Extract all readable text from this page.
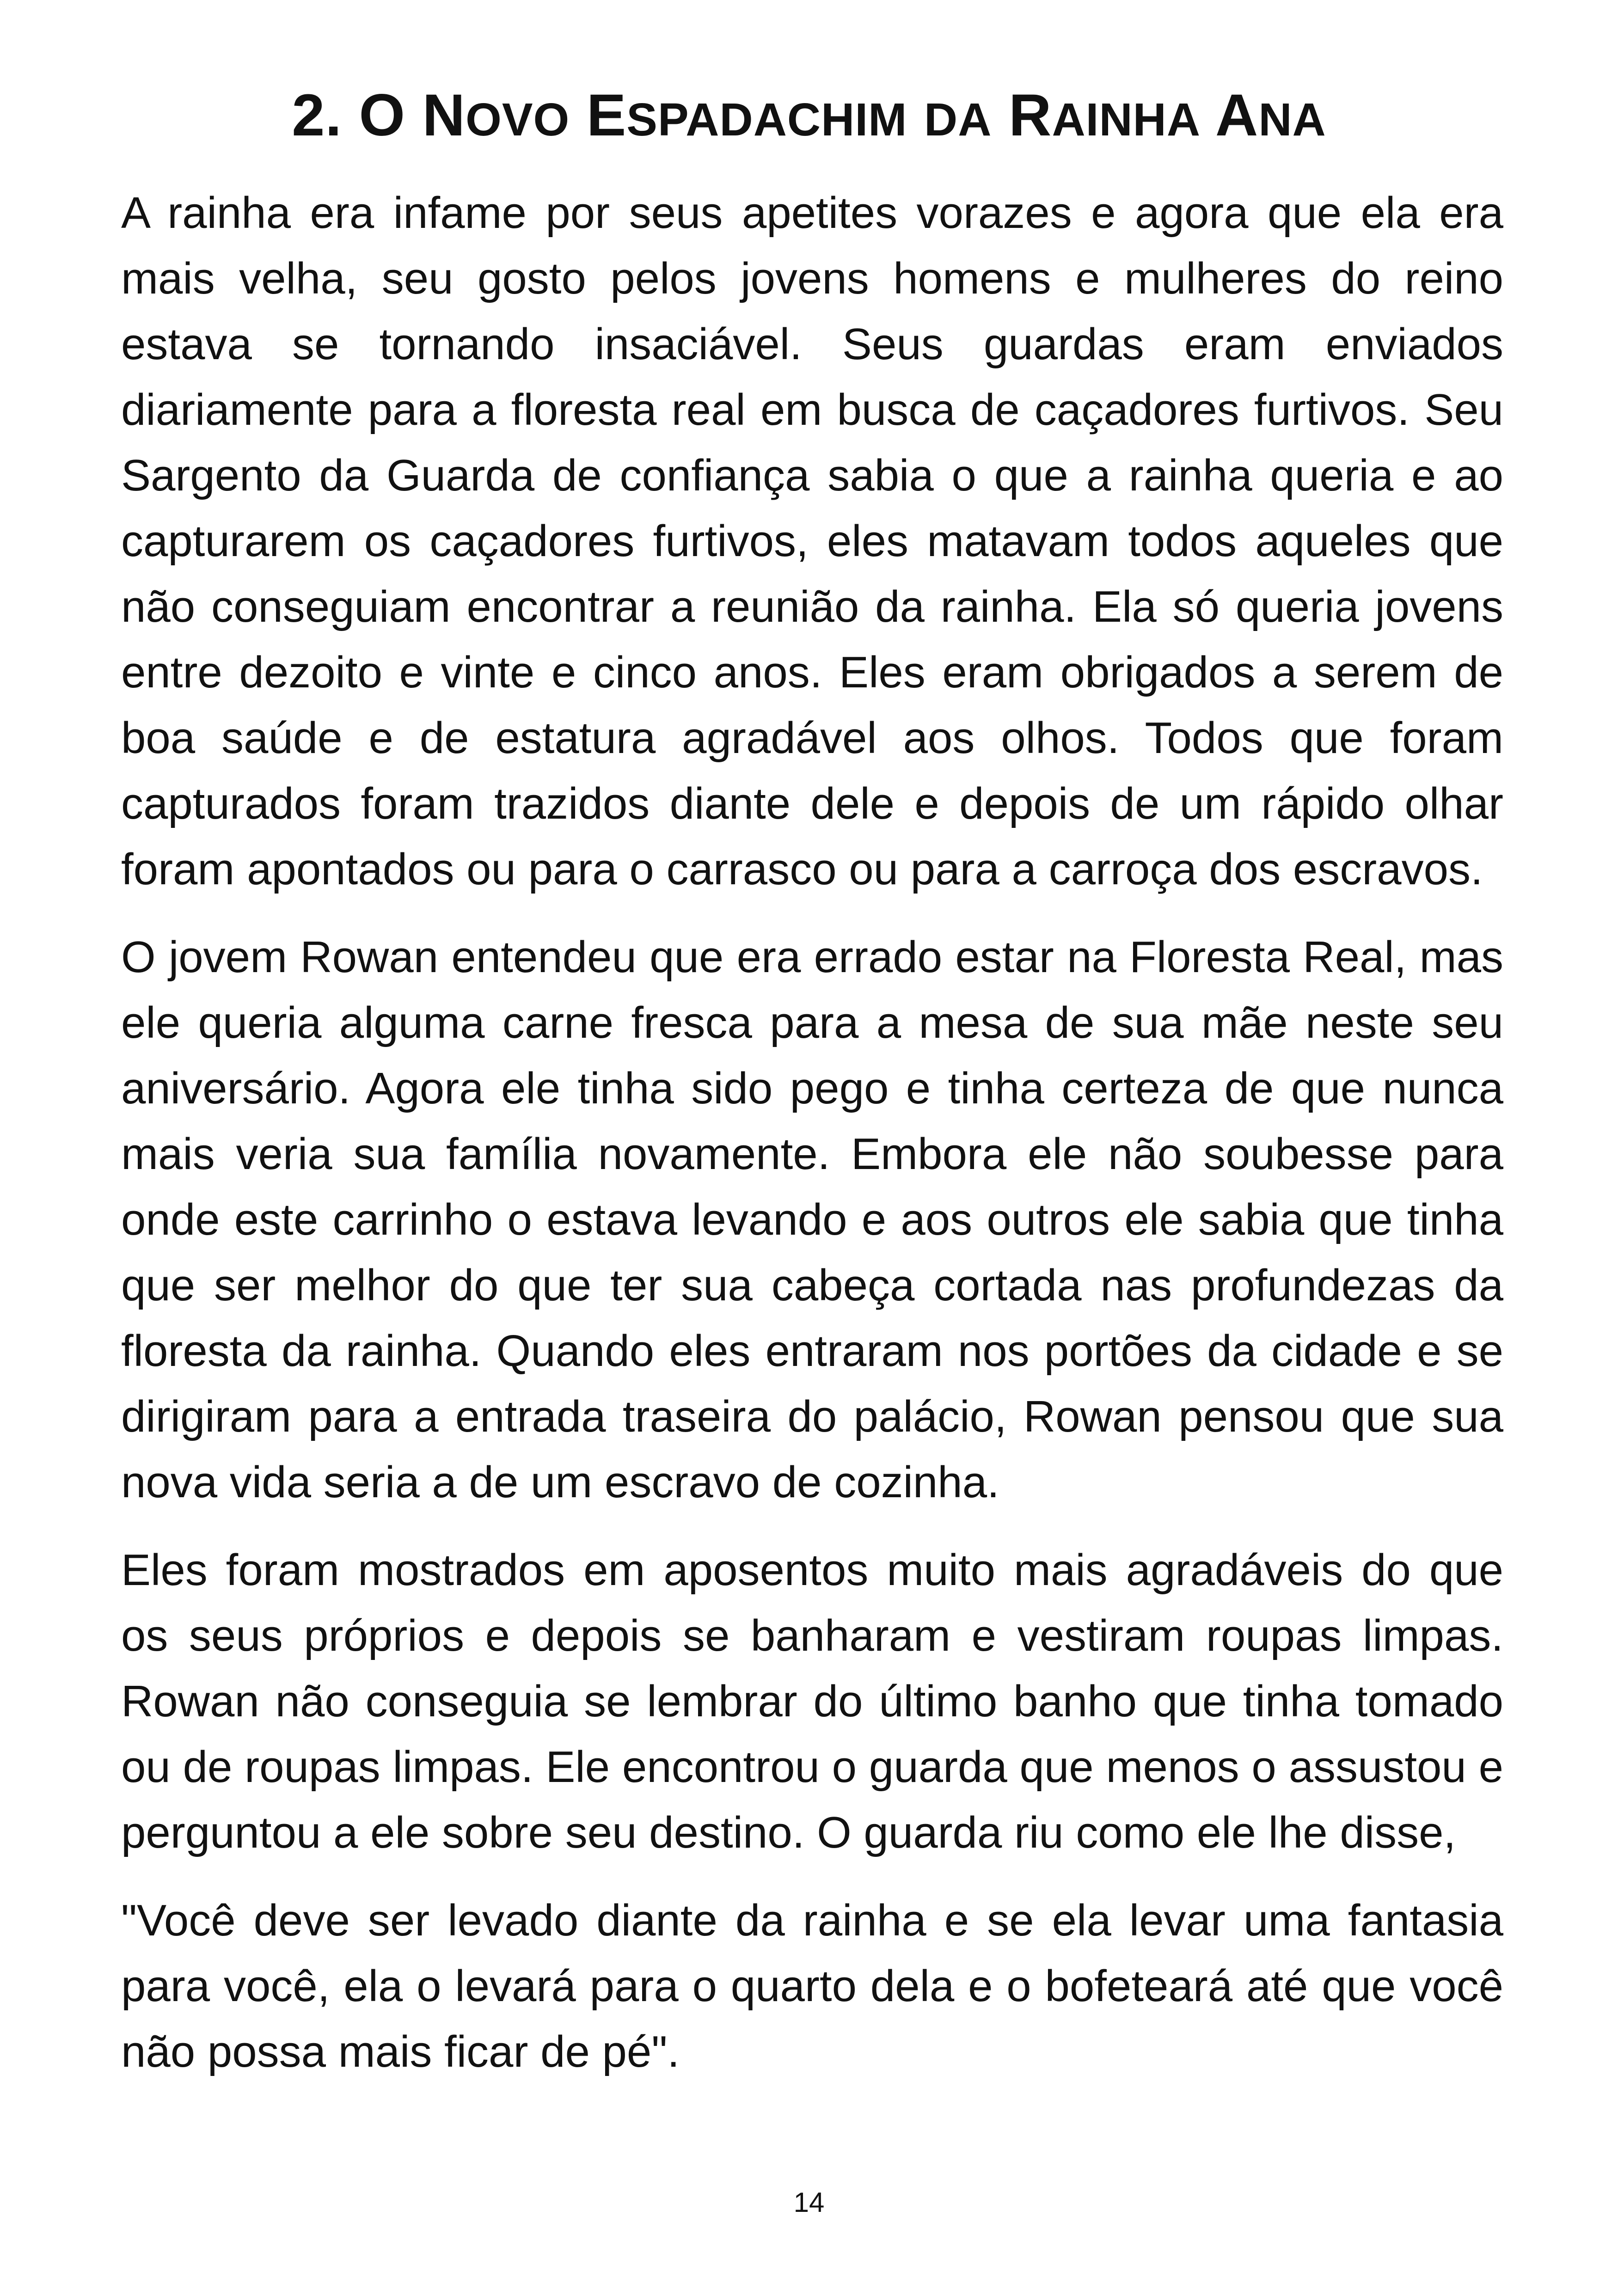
2. O NOVO ESPADACHIM DA RAINHA ANA

A rainha era infame por seus apetites vorazes e agora que ela era mais velha, seu gosto pelos jovens homens e mulheres do reino estava se tornando insaciável. Seus guardas eram enviados diariamente para a floresta real em busca de caçadores furtivos. Seu Sargento da Guarda de confiança sabia o que a rainha queria e ao capturarem os caçadores furtivos, eles matavam todos aqueles que não conseguiam encontrar a reunião da rainha. Ela só queria jovens entre dezoito e vinte e cinco anos. Eles eram obrigados a serem de boa saúde e de estatura agradável aos olhos. Todos que foram capturados foram trazidos diante dele e depois de um rápido olhar foram apontados ou para o carrasco ou para a carroça dos escravos.

O jovem Rowan entendeu que era errado estar na Floresta Real, mas ele queria alguma carne fresca para a mesa de sua mãe neste seu aniversário. Agora ele tinha sido pego e tinha certeza de que nunca mais veria sua família novamente. Embora ele não soubesse para onde este carrinho o estava levando e aos outros ele sabia que tinha que ser melhor do que ter sua cabeça cortada nas profundezas da floresta da rainha. Quando eles entraram nos portões da cidade e se dirigiram para a entrada traseira do palácio, Rowan pensou que sua nova vida seria a de um escravo de cozinha.

Eles foram mostrados em aposentos muito mais agradáveis do que os seus próprios e depois se banharam e vestiram roupas limpas. Rowan não conseguia se lembrar do último banho que tinha tomado ou de roupas limpas. Ele encontrou o guarda que menos o assustou e perguntou a ele sobre seu destino. O guarda riu como ele lhe disse,

"Você deve ser levado diante da rainha e se ela levar uma fantasia para você, ela o levará para o quarto dela e o bofeteará até que você não possa mais ficar de pé".

14
